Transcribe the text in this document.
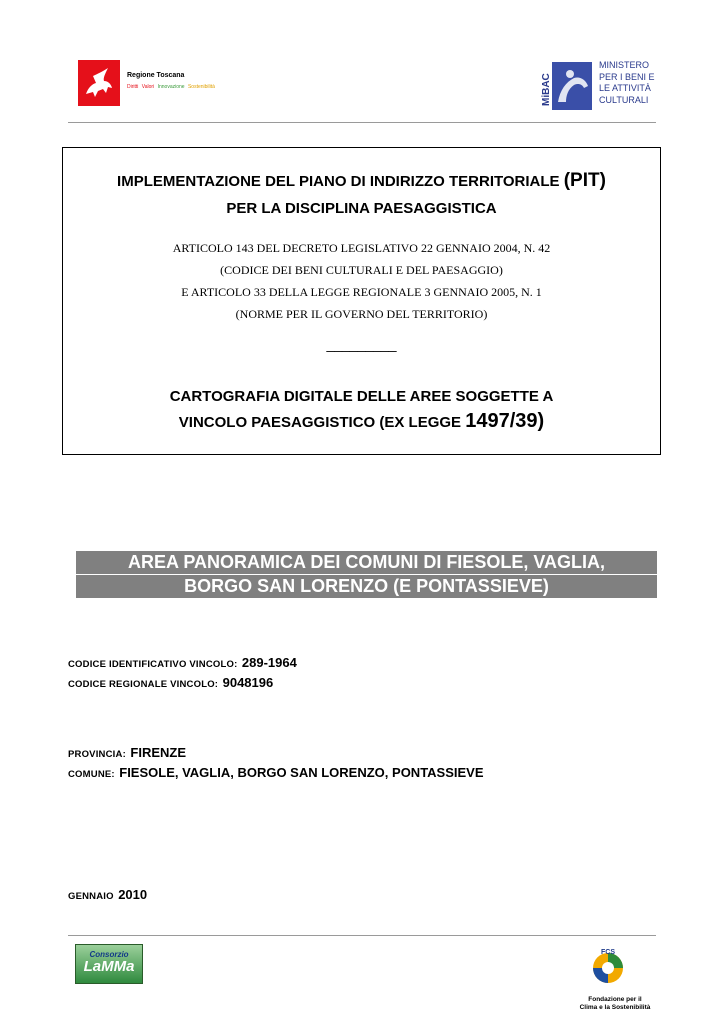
Regione Toscana
Diritti Valori Innovazione Sostenibilità	MiBAC
MINISTERO
PER I BENI E
LE ATTIVITÀ
CULTURALI
IMPLEMENTAZIONE DEL PIANO DI INDIRIZZO TERRITORIALE (PIT)
PER LA DISCIPLINA PAESAGGISTICA
ARTICOLO 143 DEL DECRETO LEGISLATIVO 22 GENNAIO 2004, N. 42
(CODICE DEI BENI CULTURALI E DEL PAESAGGIO)
E ARTICOLO 33 DELLA LEGGE REGIONALE 3 GENNAIO 2005, N. 1
(NORME PER IL GOVERNO DEL TERRITORIO)
_________
CARTOGRAFIA DIGITALE DELLE AREE SOGGETTE A
VINCOLO PAESAGGISTICO (EX LEGGE 1497/39)
AREA PANORAMICA DEI COMUNI DI FIESOLE, VAGLIA,
BORGO SAN LORENZO (E PONTASSIEVE)
CODICE IDENTIFICATIVO VINCOLO: 289-1964
CODICE REGIONALE VINCOLO: 9048196
PROVINCIA: FIRENZE
COMUNE: FIESOLE, VAGLIA, BORGO SAN LORENZO, PONTASSIEVE
GENNAIO 2010
Consorzio
LaMMa
FCS
Fondazione per il
Clima e la Sostenibilità
